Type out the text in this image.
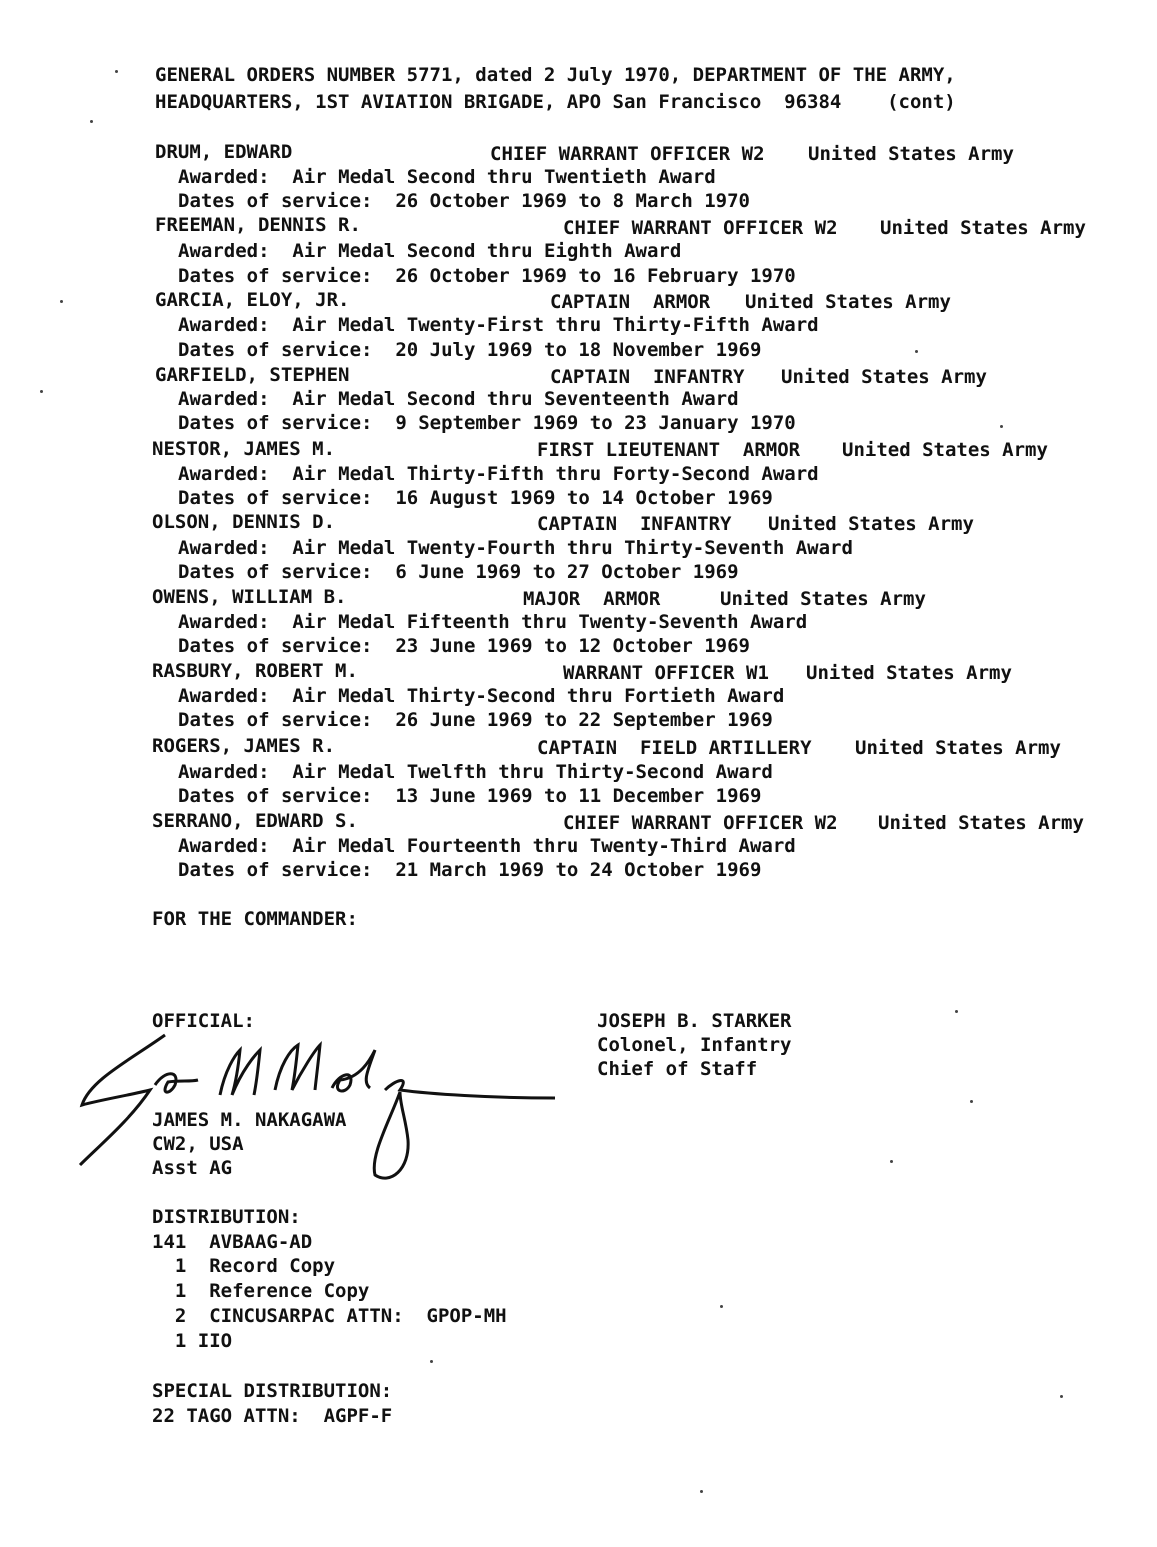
GENERAL ORDERS NUMBER 5771, dated 2 July 1970, DEPARTMENT OF THE ARMY,
HEADQUARTERS, 1ST AVIATION BRIGADE, APO San Francisco  96384    (cont)
DRUM, EDWARD	CHIEF WARRANT OFFICER W2 United States Army
Awarded:  Air Medal Second thru Twentieth Award
Dates of service:  26 October 1969 to 8 March 1970
FREEMAN, DENNIS R.	CHIEF WARRANT OFFICER W2 United States Army
Awarded:  Air Medal Second thru Eighth Award
Dates of service:  26 October 1969 to 16 February 1970
GARCIA, ELOY, JR.	CAPTAIN  ARMOR United States Army
Awarded:  Air Medal Twenty-First thru Thirty-Fifth Award
Dates of service:  20 July 1969 to 18 November 1969
GARFIELD, STEPHEN	CAPTAIN  INFANTRY United States Army
Awarded:  Air Medal Second thru Seventeenth Award
Dates of service:  9 September 1969 to 23 January 1970
NESTOR, JAMES M.	FIRST LIEUTENANT  ARMOR United States Army
Awarded:  Air Medal Thirty-Fifth thru Forty-Second Award
Dates of service:  16 August 1969 to 14 October 1969
OLSON, DENNIS D.	CAPTAIN  INFANTRY United States Army
Awarded:  Air Medal Twenty-Fourth thru Thirty-Seventh Award
Dates of service:  6 June 1969 to 27 October 1969
OWENS, WILLIAM B.	MAJOR  ARMOR	United States Army
Awarded:  Air Medal Fifteenth thru Twenty-Seventh Award
Dates of service:  23 June 1969 to 12 October 1969
RASBURY, ROBERT M.	WARRANT OFFICER W1 United States Army
Awarded:  Air Medal Thirty-Second thru Fortieth Award
Dates of service:  26 June 1969 to 22 September 1969
ROGERS, JAMES R.	CAPTAIN  FIELD ARTILLERY United States Army
Awarded:  Air Medal Twelfth thru Thirty-Second Award
Dates of service:  13 June 1969 to 11 December 1969
SERRANO, EDWARD S.	CHIEF WARRANT OFFICER W2 United States Army
Awarded:  Air Medal Fourteenth thru Twenty-Third Award
Dates of service:  21 March 1969 to 24 October 1969
FOR THE COMMANDER:
OFFICIAL:
JAMES M. NAKAGAWA
CW2, USA
Asst AG
JOSEPH B. STARKER
Colonel, Infantry
Chief of Staff
DISTRIBUTION:
141  AVBAAG-AD
1  Record Copy
1  Reference Copy
2  CINCUSARPAC ATTN:  GPOP-MH
1 IIO
SPECIAL DISTRIBUTION:
22 TAGO ATTN:  AGPF-F
